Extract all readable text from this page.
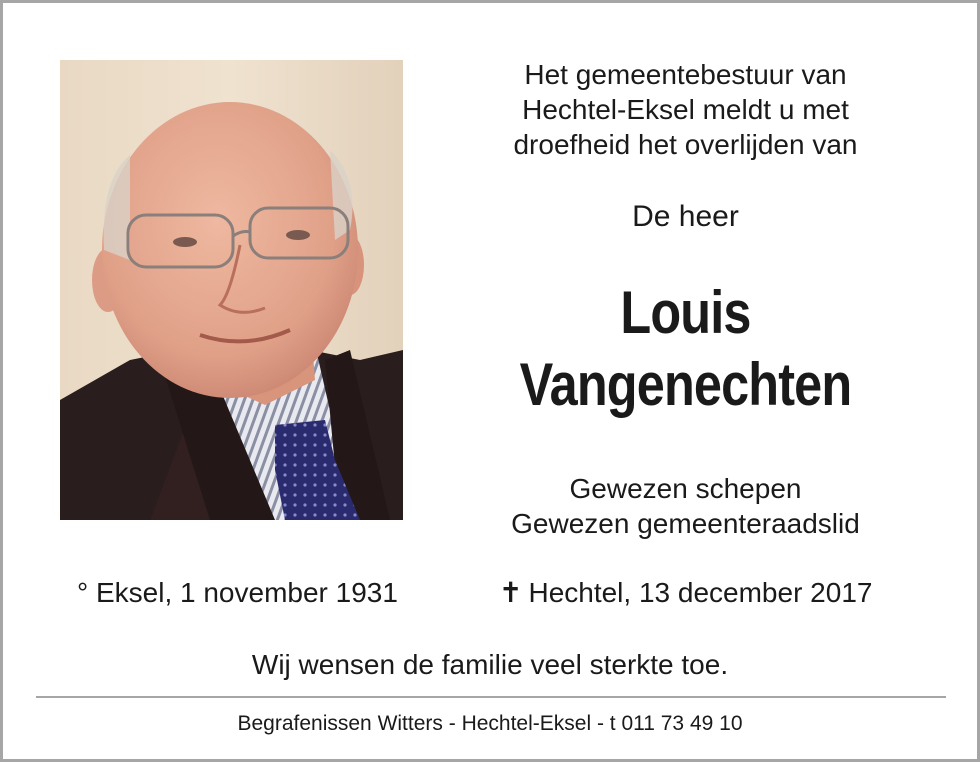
Het gemeentebestuur van
Hechtel-Eksel meldt u met
droefheid het overlijden van
De heer
Louis
Vangenechten
Gewezen schepen
Gewezen gemeenteraadslid
° Eksel, 1 november 1931	✝ Hechtel, 13 december 2017
Wij wensen de familie veel sterkte toe.
Begrafenissen Witters - Hechtel-Eksel - t 011 73 49 10
